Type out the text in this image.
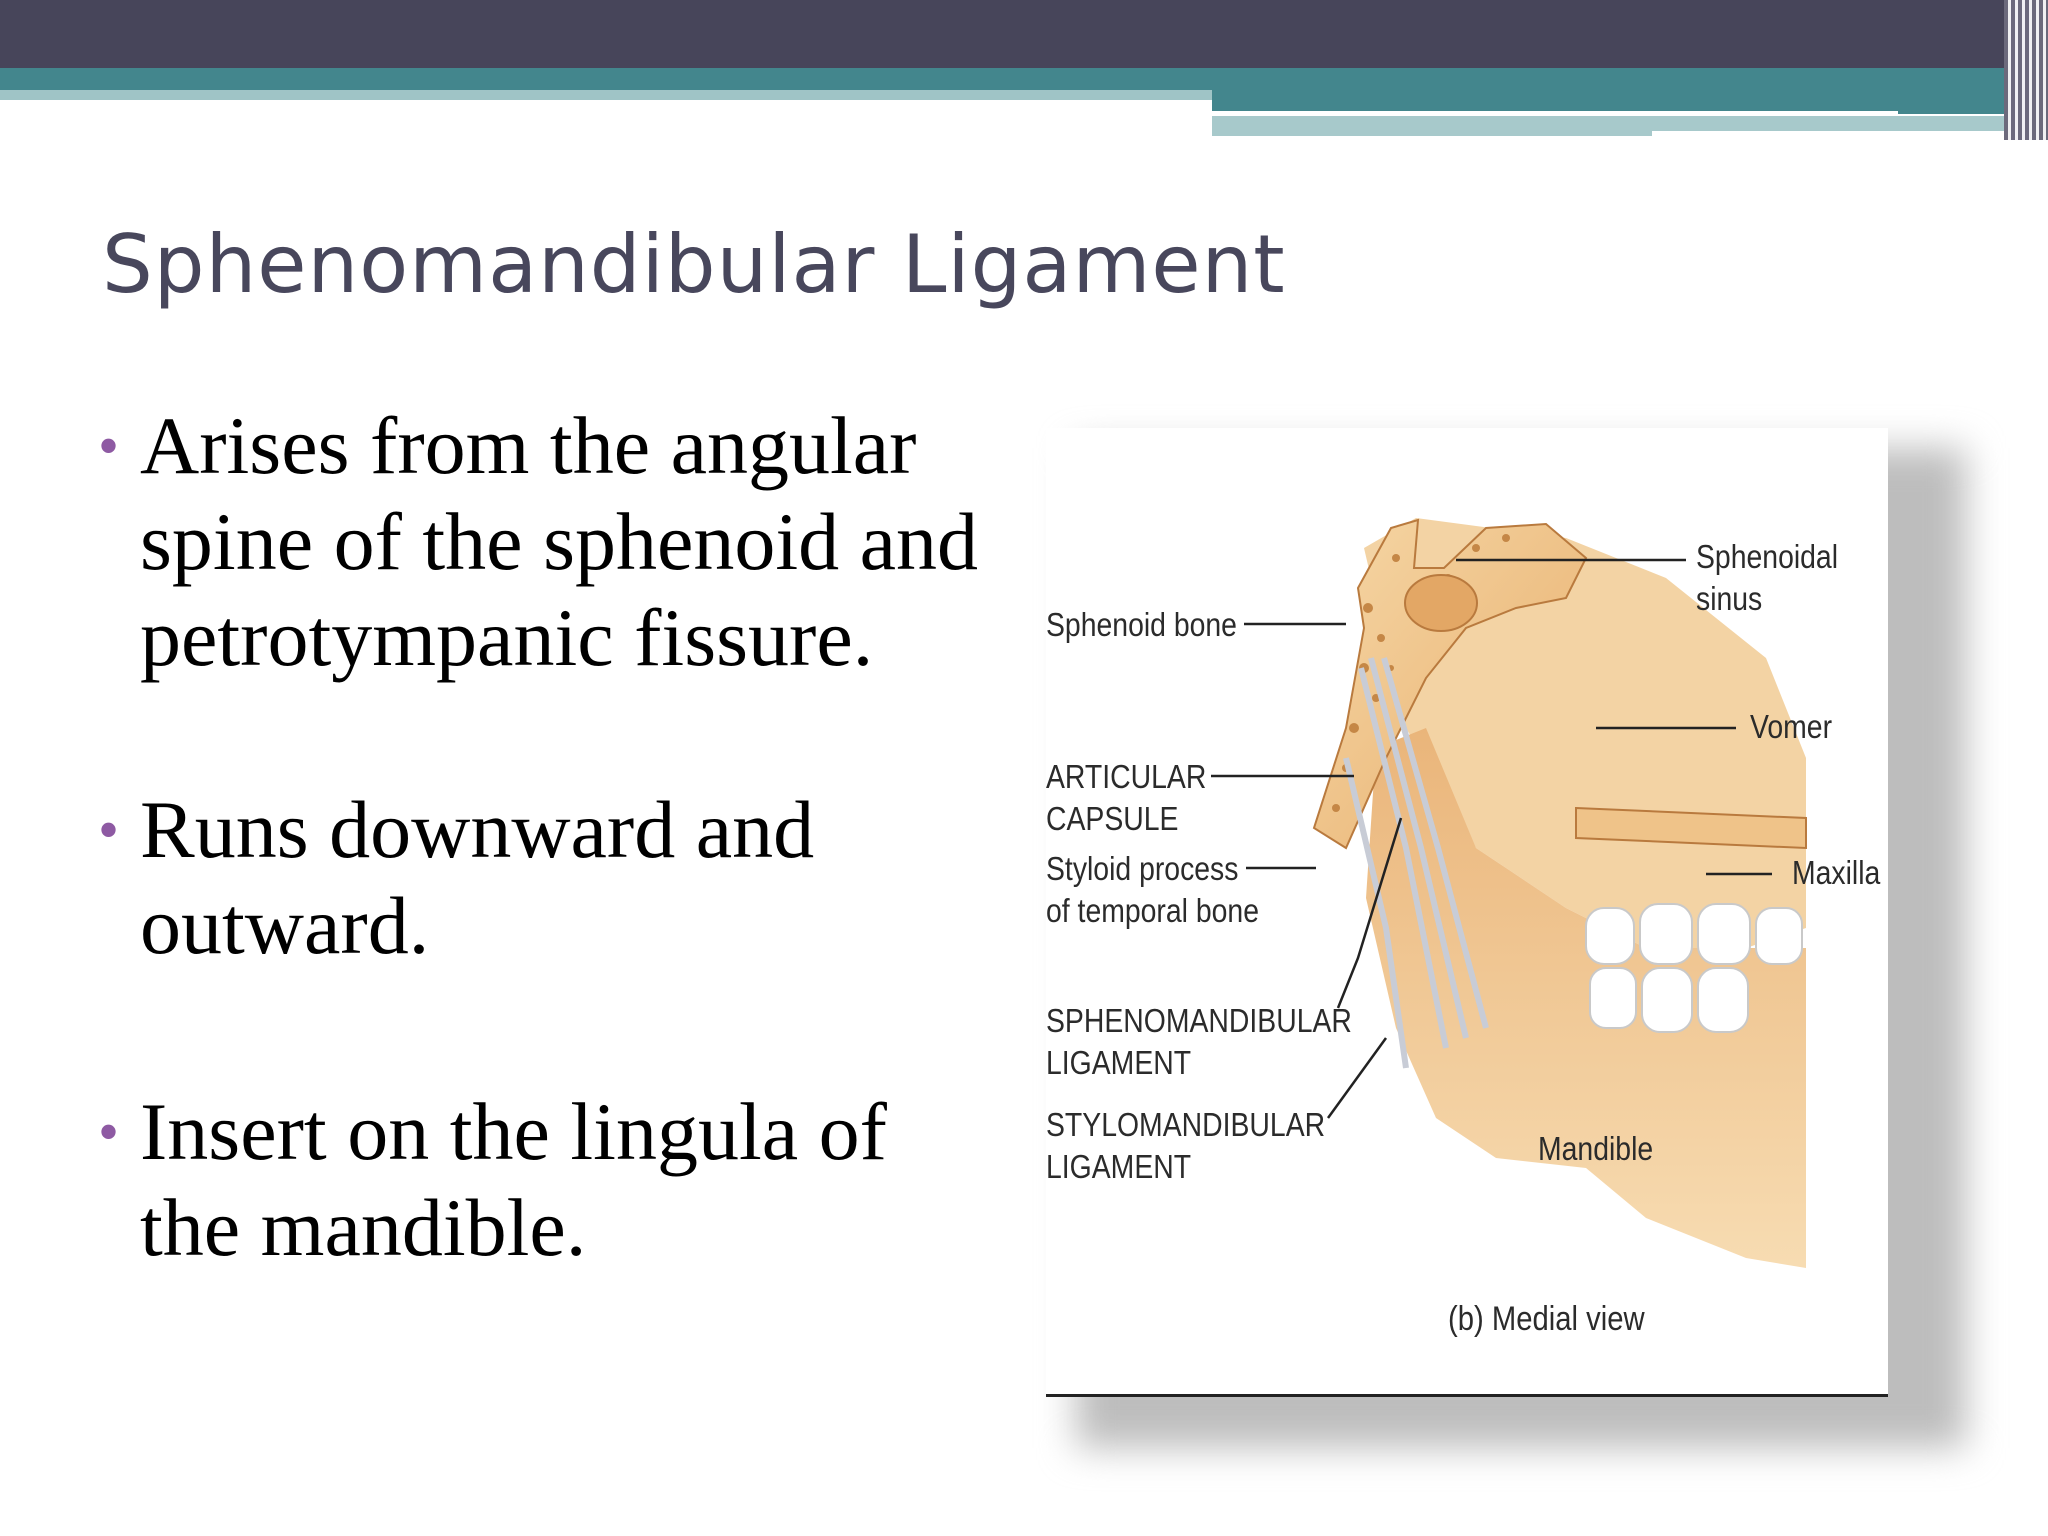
Sphenomandibular Ligament
• Arises from the angular spine of the sphenoid and petrotympanic fissure.
• Runs downward and outward.
• Insert on the lingula of the mandible.
Sphenoid bone
Sphenoidal
sinus
Vomer
ARTICULAR
CAPSULE
Maxilla
Styloid process
of temporal bone
SPHENOMANDIBULAR
LIGAMENT
STYLOMANDIBULAR
LIGAMENT	Mandible
(b) Medial view
